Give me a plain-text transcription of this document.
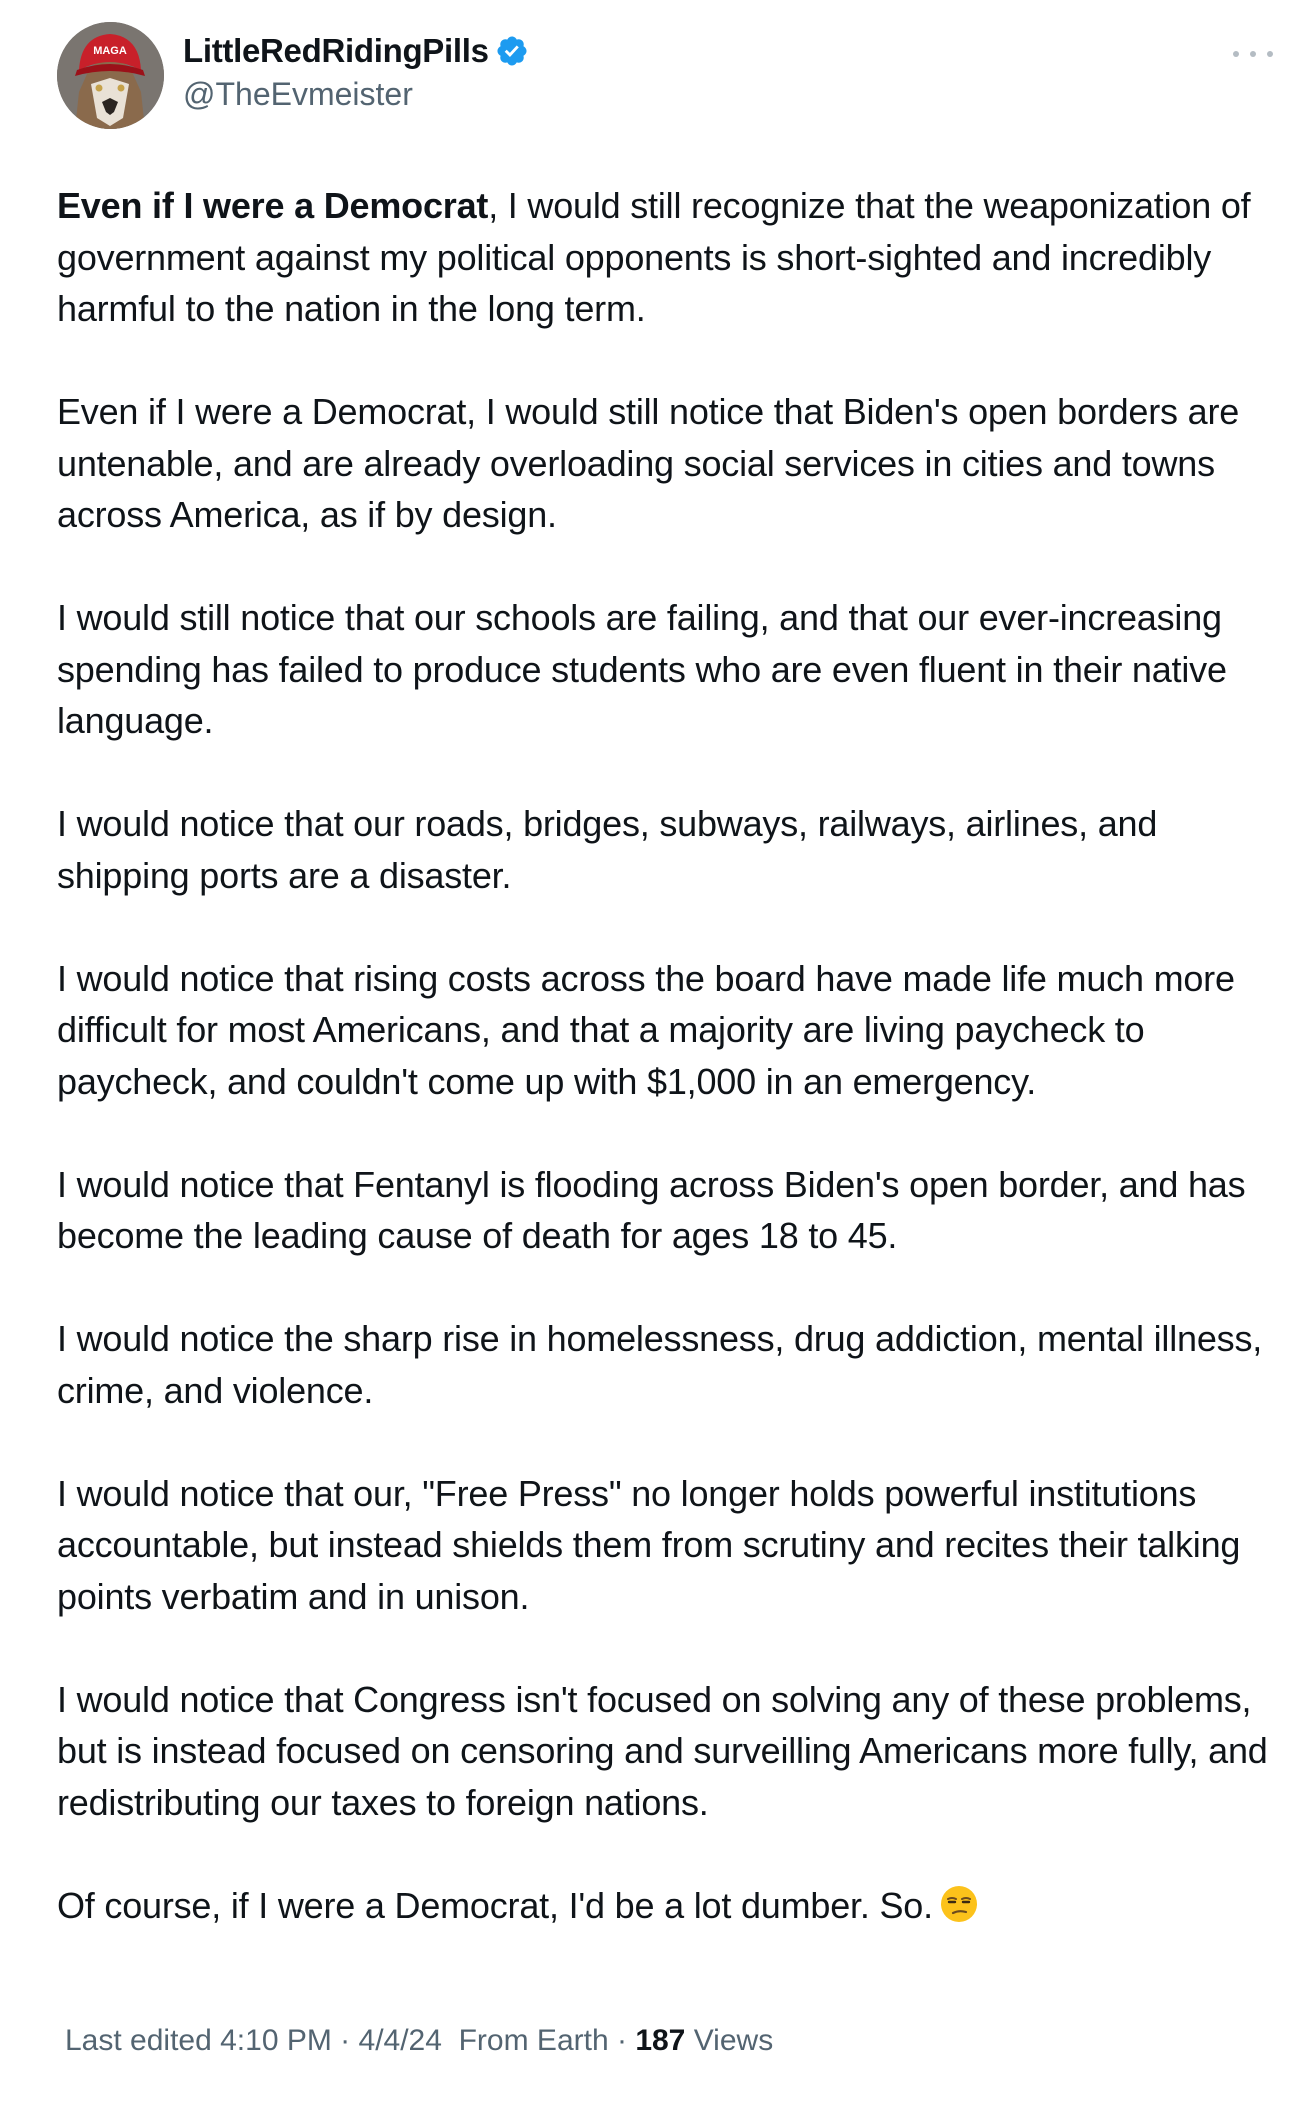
MAGA LittleRedRidingPills
@TheEvmeister

Even if I were a Democrat, I would still recognize that the weaponization of government against my political opponents is short-sighted and incredibly harmful to the nation in the long term.

Even if I were a Democrat, I would still notice that Biden's open borders are untenable, and are already overloading social services in cities and towns across America, as if by design.

I would still notice that our schools are failing, and that our ever-increasing spending has failed to produce students who are even fluent in their native language.

I would notice that our roads, bridges, subways, railways, airlines, and shipping ports are a disaster.

I would notice that rising costs across the board have made life much more difficult for most Americans, and that a majority are living paycheck to paycheck, and couldn't come up with $1,000 in an emergency.

I would notice that Fentanyl is flooding across Biden's open border, and has become the leading cause of death for ages 18 to 45.

I would notice the sharp rise in homelessness, drug addiction, mental illness, crime, and violence.

I would notice that our, "Free Press" no longer holds powerful institutions accountable, but instead shields them from scrutiny and recites their talking points verbatim and in unison.

I would notice that Congress isn't focused on solving any of these problems, but is instead focused on censoring and surveilling Americans more fully, and redistributing our taxes to foreign nations.

Of course, if I were a Democrat, I'd be a lot dumber. So.

Last edited 4:10 PM · 4/4/24 From Earth · 187 Views
